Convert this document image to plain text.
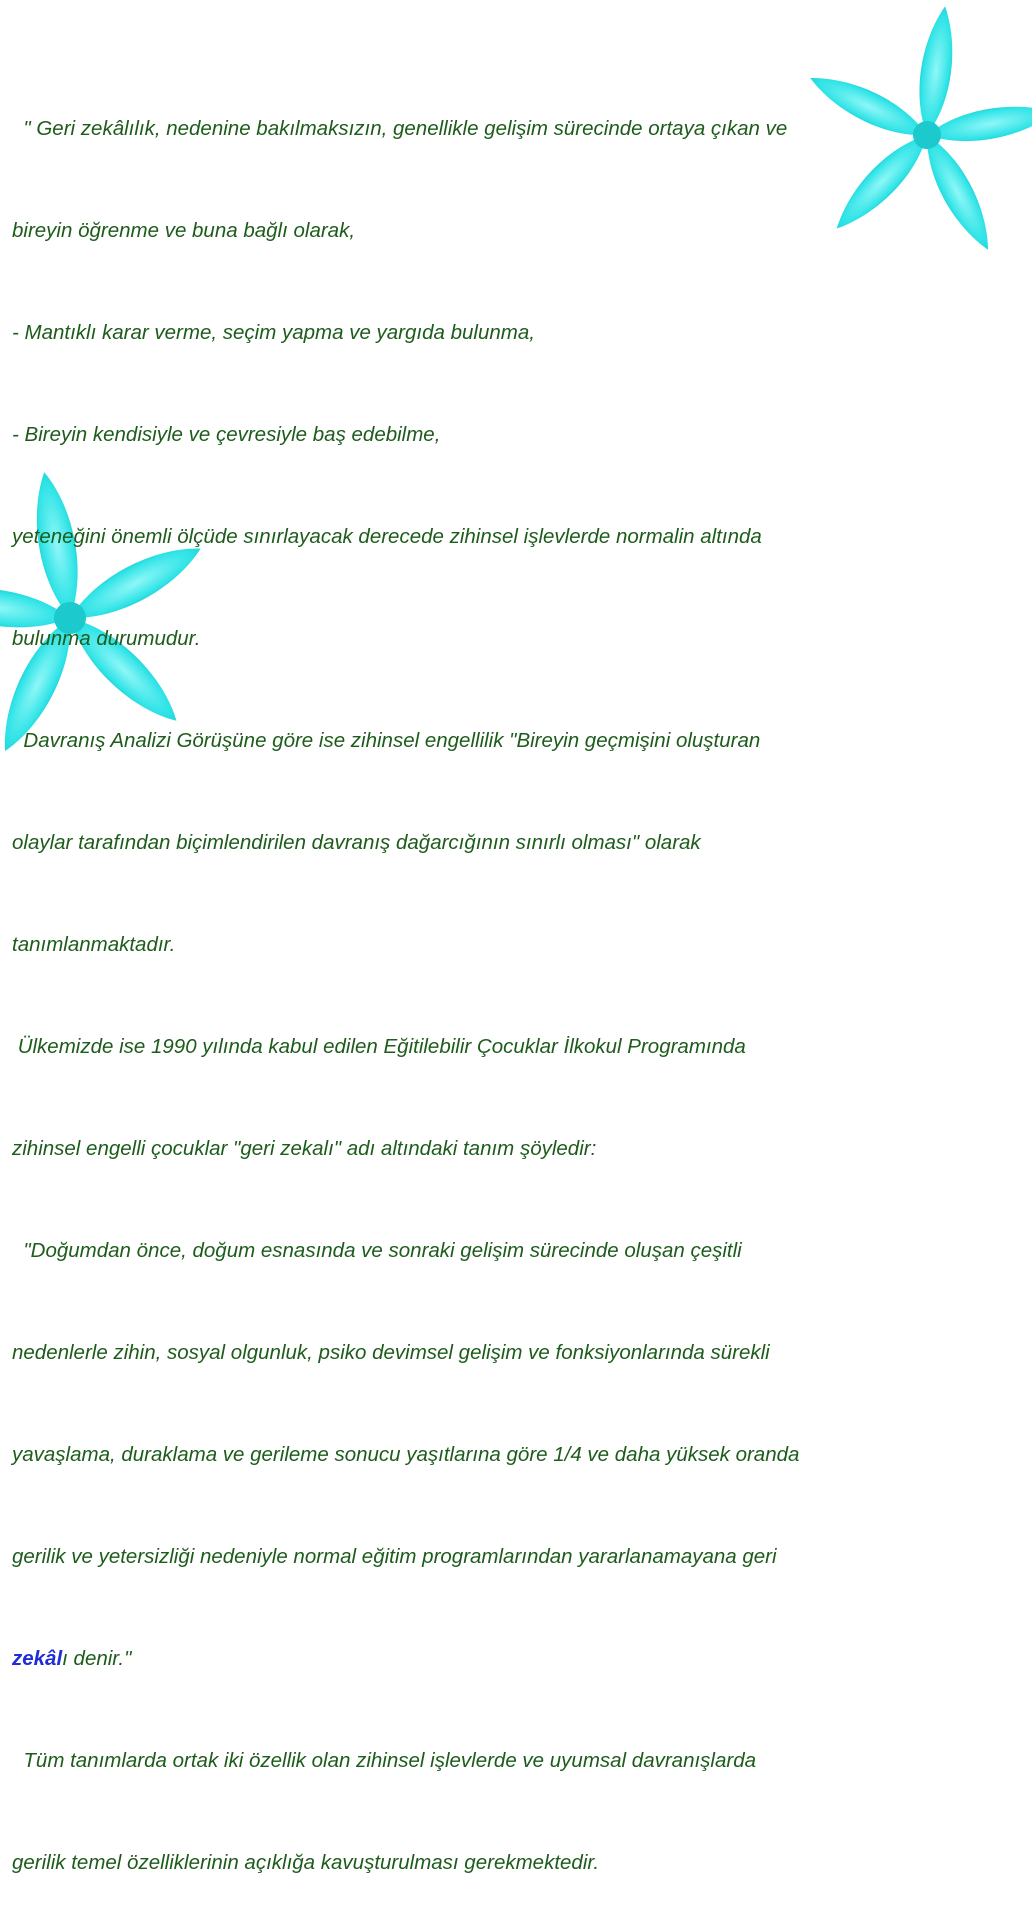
" Geri zekâlılık, nedenine bakılmaksızın, genellikle gelişim sürecinde ortaya çıkan ve

bireyin öğrenme ve buna bağlı olarak,

- Mantıklı karar verme, seçim yapma ve yargıda bulunma,

- Bireyin kendisiyle ve çevresiyle baş edebilme,

yeteneğini önemli ölçüde sınırlayacak derecede zihinsel işlevlerde normalin altında

bulunma durumudur.

Davranış Analizi Görüşüne göre ise zihinsel engellilik "Bireyin geçmişini oluşturan

olaylar tarafından biçimlendirilen davranış dağarcığının sınırlı olması" olarak

tanımlanmaktadır.

Ülkemizde ise 1990 yılında kabul edilen Eğitilebilir Çocuklar İlkokul Programında

zihinsel engelli çocuklar "geri zekalı" adı altındaki tanım şöyledir:

"Doğumdan önce, doğum esnasında ve sonraki gelişim sürecinde oluşan çeşitli

nedenlerle zihin, sosyal olgunluk, psiko devimsel gelişim ve fonksiyonlarında sürekli

yavaşlama, duraklama ve gerileme sonucu yaşıtlarına göre 1/4 ve daha yüksek oranda

gerilik ve yetersizliği nedeniyle normal eğitim programlarından yararlanamayana geri

zekâlı denir."

Tüm tanımlarda ortak iki özellik olan zihinsel işlevlerde ve uyumsal davranışlarda

gerilik temel özelliklerinin açıklığa kavuşturulması gerekmektedir.
